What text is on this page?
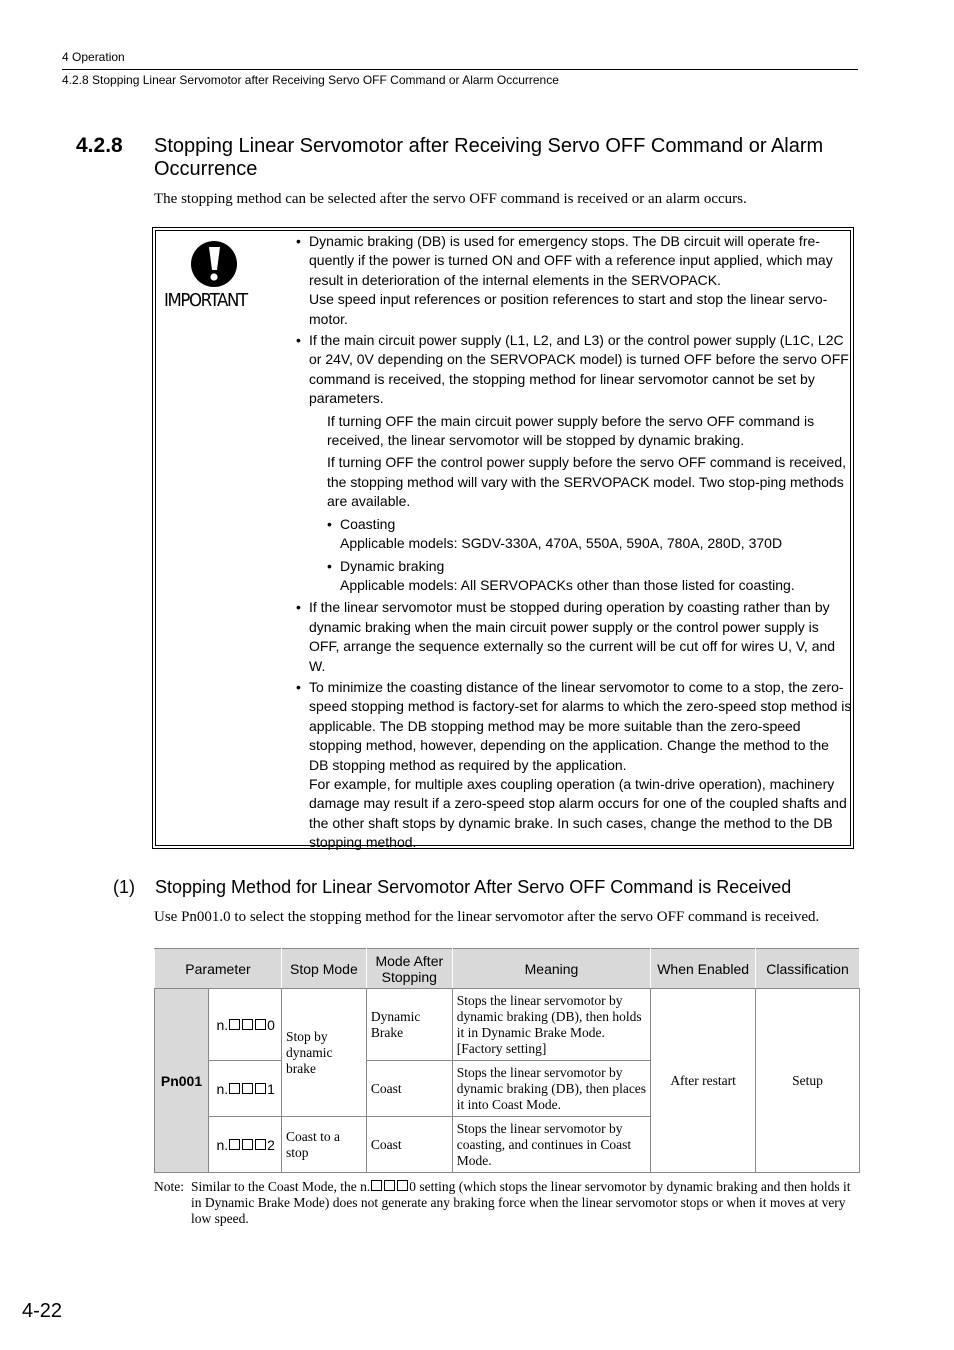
4 Operation
4.2.8 Stopping Linear Servomotor after Receiving Servo OFF Command or Alarm Occurrence
4.2.8 Stopping Linear Servomotor after Receiving Servo OFF Command or Alarm Occurrence
The stopping method can be selected after the servo OFF command is received or an alarm occurs.
IMPORTANT
• Dynamic braking (DB) is used for emergency stops. The DB circuit will operate fre-quently if the power is turned ON and OFF with a reference input applied, which may result in deterioration of the internal elements in the SERVOPACK.
Use speed input references or position references to start and stop the linear servo-motor.
• If the main circuit power supply (L1, L2, and L3) or the control power supply (L1C, L2C or 24V, 0V depending on the SERVOPACK model) is turned OFF before the servo OFF command is received, the stopping method for linear servomotor cannot be set by parameters.
If turning OFF the main circuit power supply before the servo OFF command is received, the linear servomotor will be stopped by dynamic braking.
If turning OFF the control power supply before the servo OFF command is received, the stopping method will vary with the SERVOPACK model. Two stop-ping methods are available.
• Coasting
Applicable models: SGDV-330A, 470A, 550A, 590A, 780A, 280D, 370D
• Dynamic braking
Applicable models: All SERVOPACKs other than those listed for coasting.
• If the linear servomotor must be stopped during operation by coasting rather than by dynamic braking when the main circuit power supply or the control power supply is OFF, arrange the sequence externally so the current will be cut off for wires U, V, and W.
• To minimize the coasting distance of the linear servomotor to come to a stop, the zero-speed stopping method is factory-set for alarms to which the zero-speed stop method is applicable. The DB stopping method may be more suitable than the zero-speed stopping method, however, depending on the application. Change the method to the DB stopping method as required by the application.
For example, for multiple axes coupling operation (a twin-drive operation), machinery damage may result if a zero-speed stop alarm occurs for one of the coupled shafts and the other shaft stops by dynamic brake. In such cases, change the method to the DB stopping method.
(1) Stopping Method for Linear Servomotor After Servo OFF Command is Received
Use Pn001.0 to select the stopping method for the linear servomotor after the servo OFF command is received.
Parameter		Stop Mode	Mode After Stopping	Meaning	When Enabled	Classification
Pn001	n. 0	Stop by dynamic brake	Dynamic Brake	Stops the linear servomotor by dynamic braking (DB), then holds it in Dynamic Brake Mode. [Factory setting]	After restart	Setup
	n. 1		Coast	Stops the linear servomotor by dynamic braking (DB), then places it into Coast Mode.		
	n. 2	Coast to a stop	Coast	Stops the linear servomotor by coasting, and continues in Coast Mode.		
Note: Similar to the Coast Mode, the n.	0 setting (which stops the linear servomotor by dynamic braking and then holds it in Dynamic Brake Mode) does not generate any braking force when the linear servomotor stops or when it moves at very low speed.
4-22
